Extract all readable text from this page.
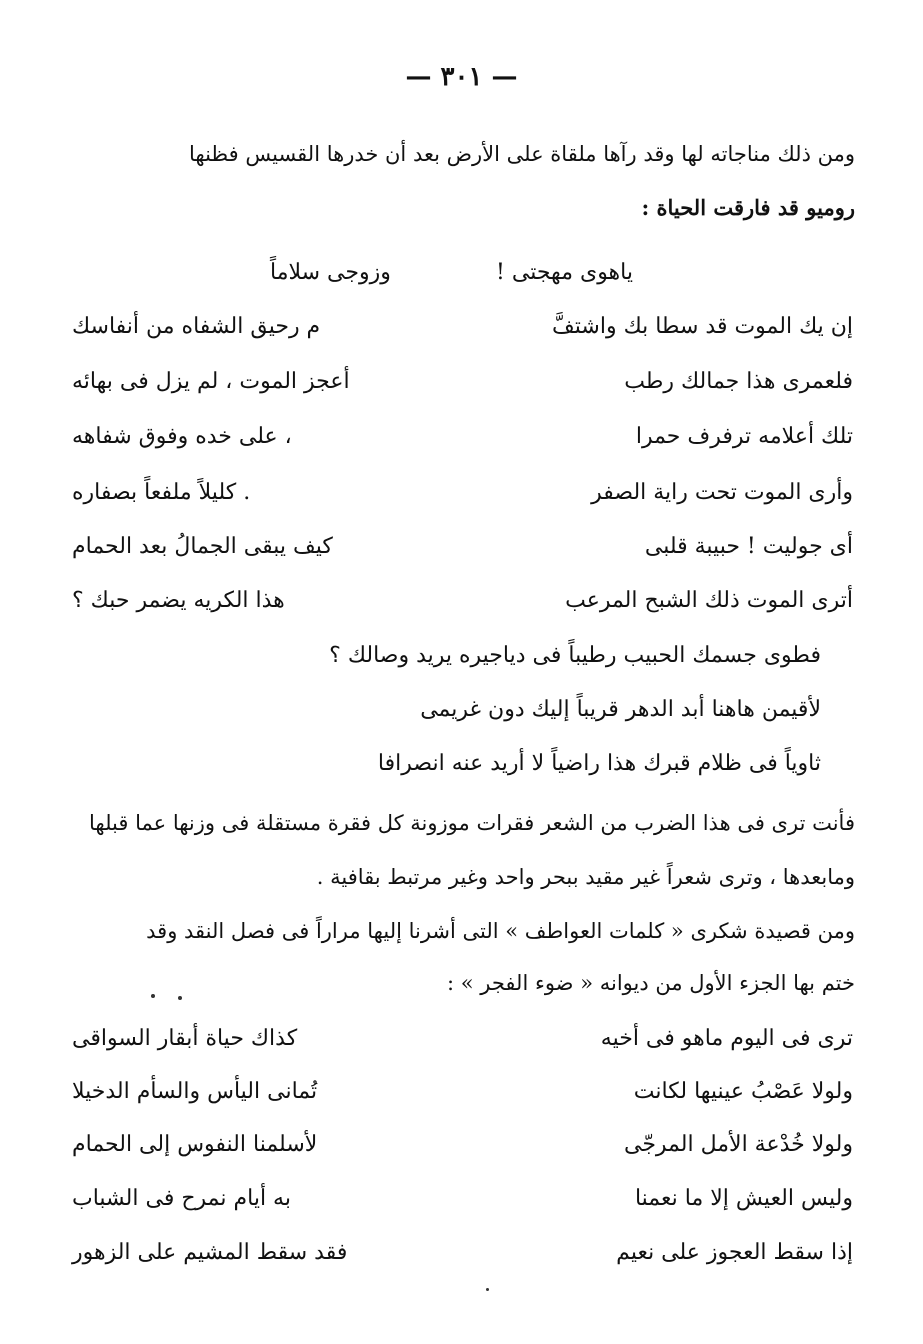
— ٣٠١ —
ومن ذلك مناجاته لها وقد رآها ملقاة على الأرض بعد أن خدرها القسيس فظنها
روميو قد فارقت الحياة :
ياهوى مهجتى !
وزوجى سلاماً
إن يك الموت قد سطا بك واشتفَّ
م رحيق الشفاه من أنفاسك
فلعمرى هذا جمالك رطب
أعجز الموت ، لم يزل فى بهائه
تلك أعلامه ترفرف حمرا
، على خده وفوق شفاهه
وأرى الموت تحت راية الصفر
. كليلاً ملفعاً بصفاره
أى جوليت ! حبيبة قلبى
كيف يبقى الجمالُ بعد الحمام
أترى الموت ذلك الشبح المرعب
هذا الكريه يضمر حبك ؟
فطوى جسمك الحبيب رطيباً فى دياجيره يريد وصالك ؟
لأقيمن هاهنا أبد الدهر قريباً إليك دون غريمى
ثاوياً فى ظلام قبرك هذا راضياً لا أريد عنه انصرافا
فأنت ترى فى هذا الضرب من الشعر فقرات موزونة كل فقرة مستقلة فى وزنها عما قبلها
ومابعدها ، وترى شعراً غير مقيد ببحر واحد وغير مرتبط بقافية .
ومن قصيدة شكرى « كلمات العواطف » التى أشرنا إليها مراراً فى فصل النقد وقد
ختم بها الجزء الأول من ديوانه « ضوء الفجر » :
ترى فى اليوم ماهو فى أخيه
كذاك حياة أبقار السواقى
ولولا عَصْبُ عينيها لكانت
تُمانى اليأس والسأم الدخيلا
ولولا خُدْعة الأمل المرجّى
لأسلمنا النفوس إلى الحمام
وليس العيش إلا ما نعمنا
به أيام نمرح فى الشباب
إذا سقط العجوز على نعيم
فقد سقط المشيم على الزهور
